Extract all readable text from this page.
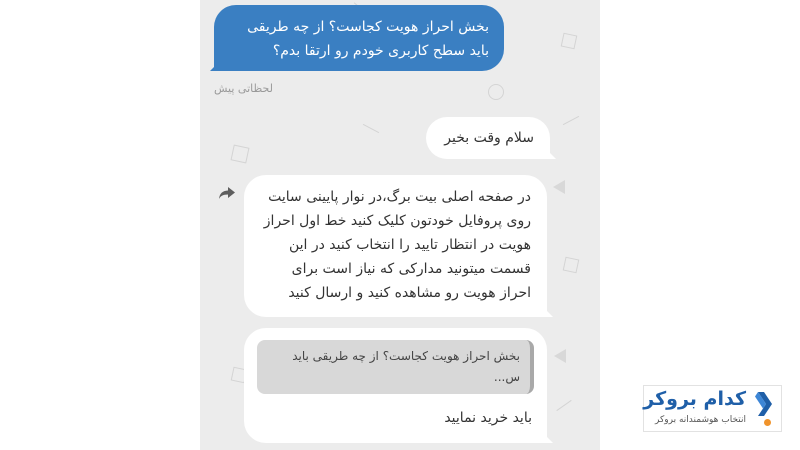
بخش احراز هویت کجاست؟ از چه طریقی باید سطح کاربری خودم رو ارتقا بدم؟
لحظاتی پیش
سلام وقت بخیر
در صفحه اصلی بیت برگ،در نوار پایینی سایت روی پروفایل خودتون کلیک کنید خط اول احراز هویت در انتظار تایید را انتخاب کنید در این قسمت میتونید مدارکی که نیاز است برای احراز هویت رو مشاهده کنید و ارسال کنید
بخش احراز هویت کجاست؟ از چه طریقی باید س...
باید خرید نمایید
کدام بروکر
انتخاب هوشمندانه بروکر
